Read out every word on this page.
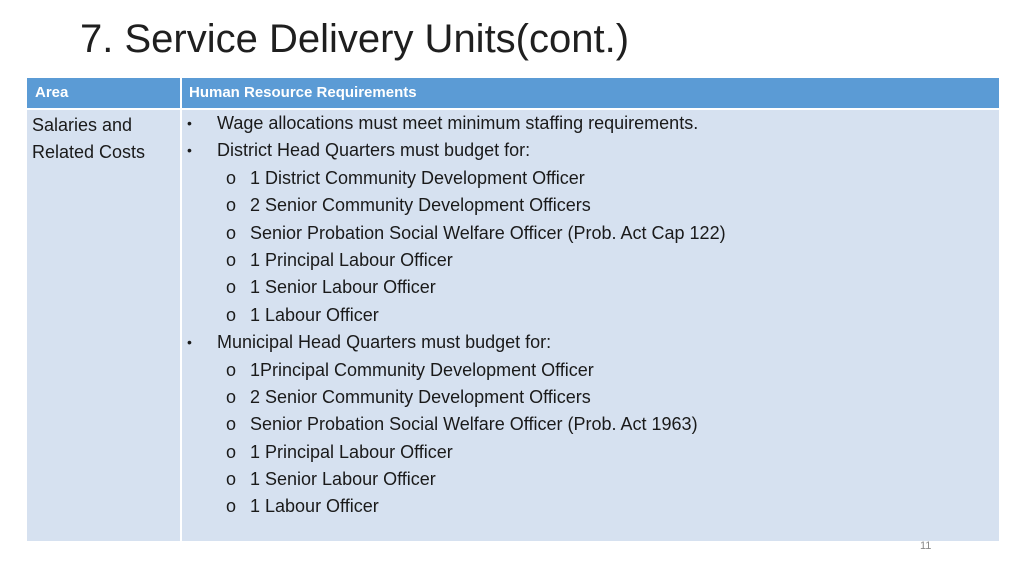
7. Service Delivery Units(cont.)
Area	Human Resource Requirements
Salaries and
Related Costs
• Wage allocations must meet minimum staffing requirements.
• District Head Quarters must budget for:
o 1 District Community Development Officer
o 2 Senior Community Development Officers
o Senior Probation Social Welfare Officer (Prob. Act Cap 122)
o 1 Principal Labour Officer
o 1 Senior Labour Officer
o 1 Labour Officer
• Municipal Head Quarters must budget for:
o 1Principal Community Development Officer
o 2 Senior Community Development Officers
o Senior Probation Social Welfare Officer (Prob. Act 1963)
o 1 Principal Labour Officer
o 1 Senior Labour Officer
o 1 Labour Officer
11
